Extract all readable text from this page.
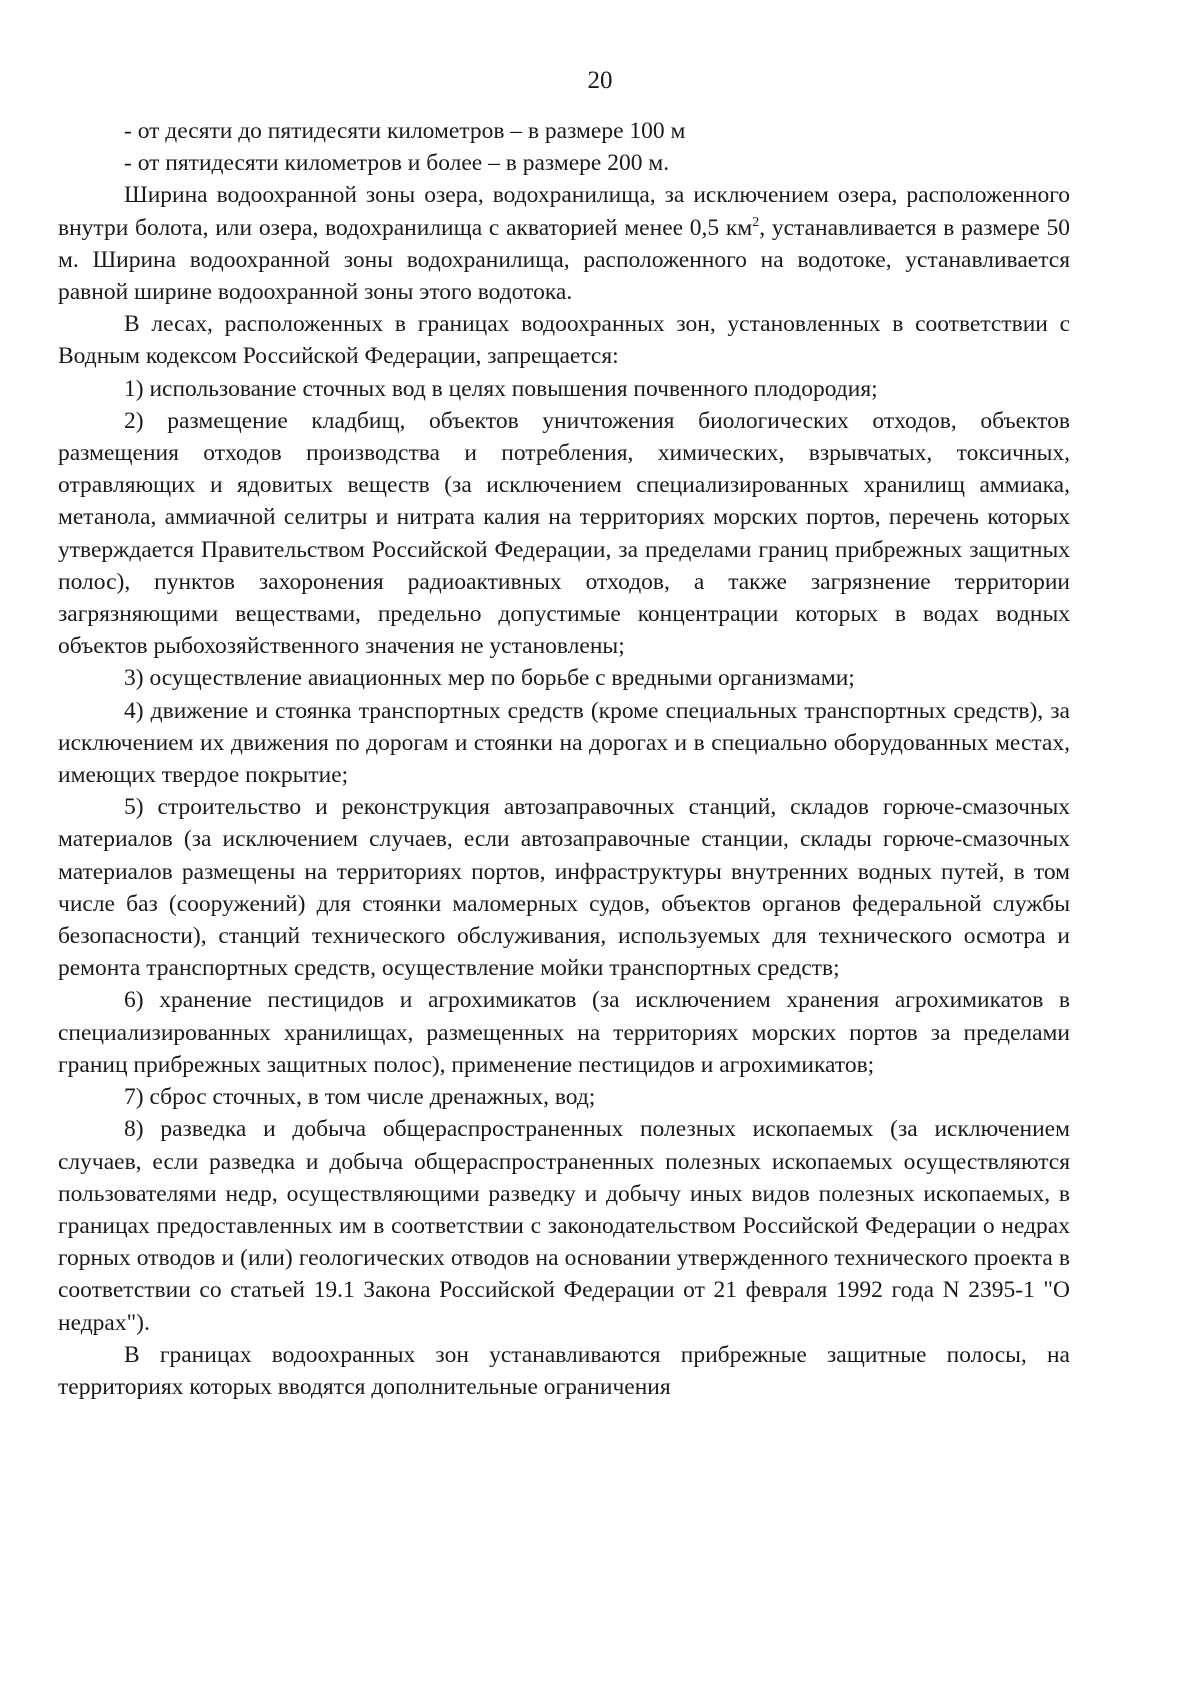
20

- от десяти до пятидесяти километров – в размере 100 м

- от пятидесяти километров и более – в размере 200 м.

Ширина водоохранной зоны озера, водохранилища, за исключением озера, расположенного внутри болота, или озера, водохранилища с акваторией менее 0,5 $км^2$, устанавливается в размере 50 м. Ширина водоохранной зоны водохранилища, расположенного на водотоке, устанавливается равной ширине водоохранной зоны этого водотока.

В лесах, расположенных в границах водоохранных зон, установленных в соответствии с Водным кодексом Российской Федерации, запрещается:

1) использование сточных вод в целях повышения почвенного плодородия;

2) размещение кладбищ, объектов уничтожения биологических отходов, объектов размещения отходов производства и потребления, химических, взрывчатых, токсичных, отравляющих и ядовитых веществ (за исключением специализированных хранилищ аммиака, метанола, аммиачной селитры и нитрата калия на территориях морских портов, перечень которых утверждается Правительством Российской Федерации, за пределами границ прибрежных защитных полос), пунктов захоронения радиоактивных отходов, а также загрязнение территории загрязняющими веществами, предельно допустимые концентрации которых в водах водных объектов рыбохозяйственного значения не установлены;

3) осуществление авиационных мер по борьбе с вредными организмами;

4) движение и стоянка транспортных средств (кроме специальных транспортных средств), за исключением их движения по дорогам и стоянки на дорогах и в специально оборудованных местах, имеющих твердое покрытие;

5) строительство и реконструкция автозаправочных станций, складов горюче-смазочных материалов (за исключением случаев, если автозаправочные станции, склады горюче-смазочных материалов размещены на территориях портов, инфраструктуры внутренних водных путей, в том числе баз (сооружений) для стоянки маломерных судов, объектов органов федеральной службы безопасности), станций технического обслуживания, используемых для технического осмотра и ремонта транспортных средств, осуществление мойки транспортных средств;

6) хранение пестицидов и агрохимикатов (за исключением хранения агрохимикатов в специализированных хранилищах, размещенных на территориях морских портов за пределами границ прибрежных защитных полос), применение пестицидов и агрохимикатов;

7) сброс сточных, в том числе дренажных, вод;

8) разведка и добыча общераспространенных полезных ископаемых (за исключением случаев, если разведка и добыча общераспространенных полезных ископаемых осуществляются пользователями недр, осуществляющими разведку и добычу иных видов полезных ископаемых, в границах предоставленных им в соответствии с законодательством Российской Федерации о недрах горных отводов и (или) геологических отводов на основании утвержденного технического проекта в соответствии со статьей 19.1 Закона Российской Федерации от 21 февраля 1992 года N 2395-1 "О недрах").

В границах водоохранных зон устанавливаются прибрежные защитные полосы, на территориях которых вводятся дополнительные ограничения
